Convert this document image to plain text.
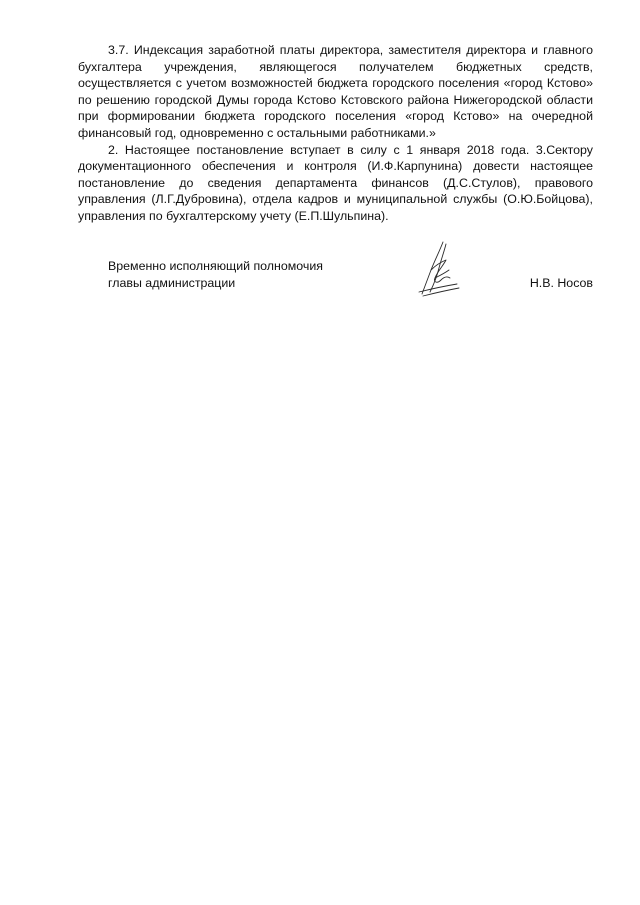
3.7. Индексация заработной платы директора, заместителя директора и главного бухгалтера учреждения, являющегося получателем бюджетных средств, осуществляется с учетом возможностей бюджета городского поселения «город Кстово» по решению городской Думы города Кстово Кстовского района Нижегородской области при формировании бюджета городского поселения «город Кстово» на очередной финансовый год, одновременно с остальными работниками.»

2. Настоящее постановление вступает в силу с 1 января 2018 года. 3.Сектору документационного обеспечения и контроля (И.Ф.Карпунина) довести настоящее постановление до сведения департамента финансов (Д.С.Стулов), правового управления (Л.Г.Дубровина), отдела кадров и муниципальной службы (О.Ю.Бойцова), управления по бухгалтерскому учету (Е.П.Шульпина).

Временно исполняющий полномочия
главы администрации	Н.В. Носов
